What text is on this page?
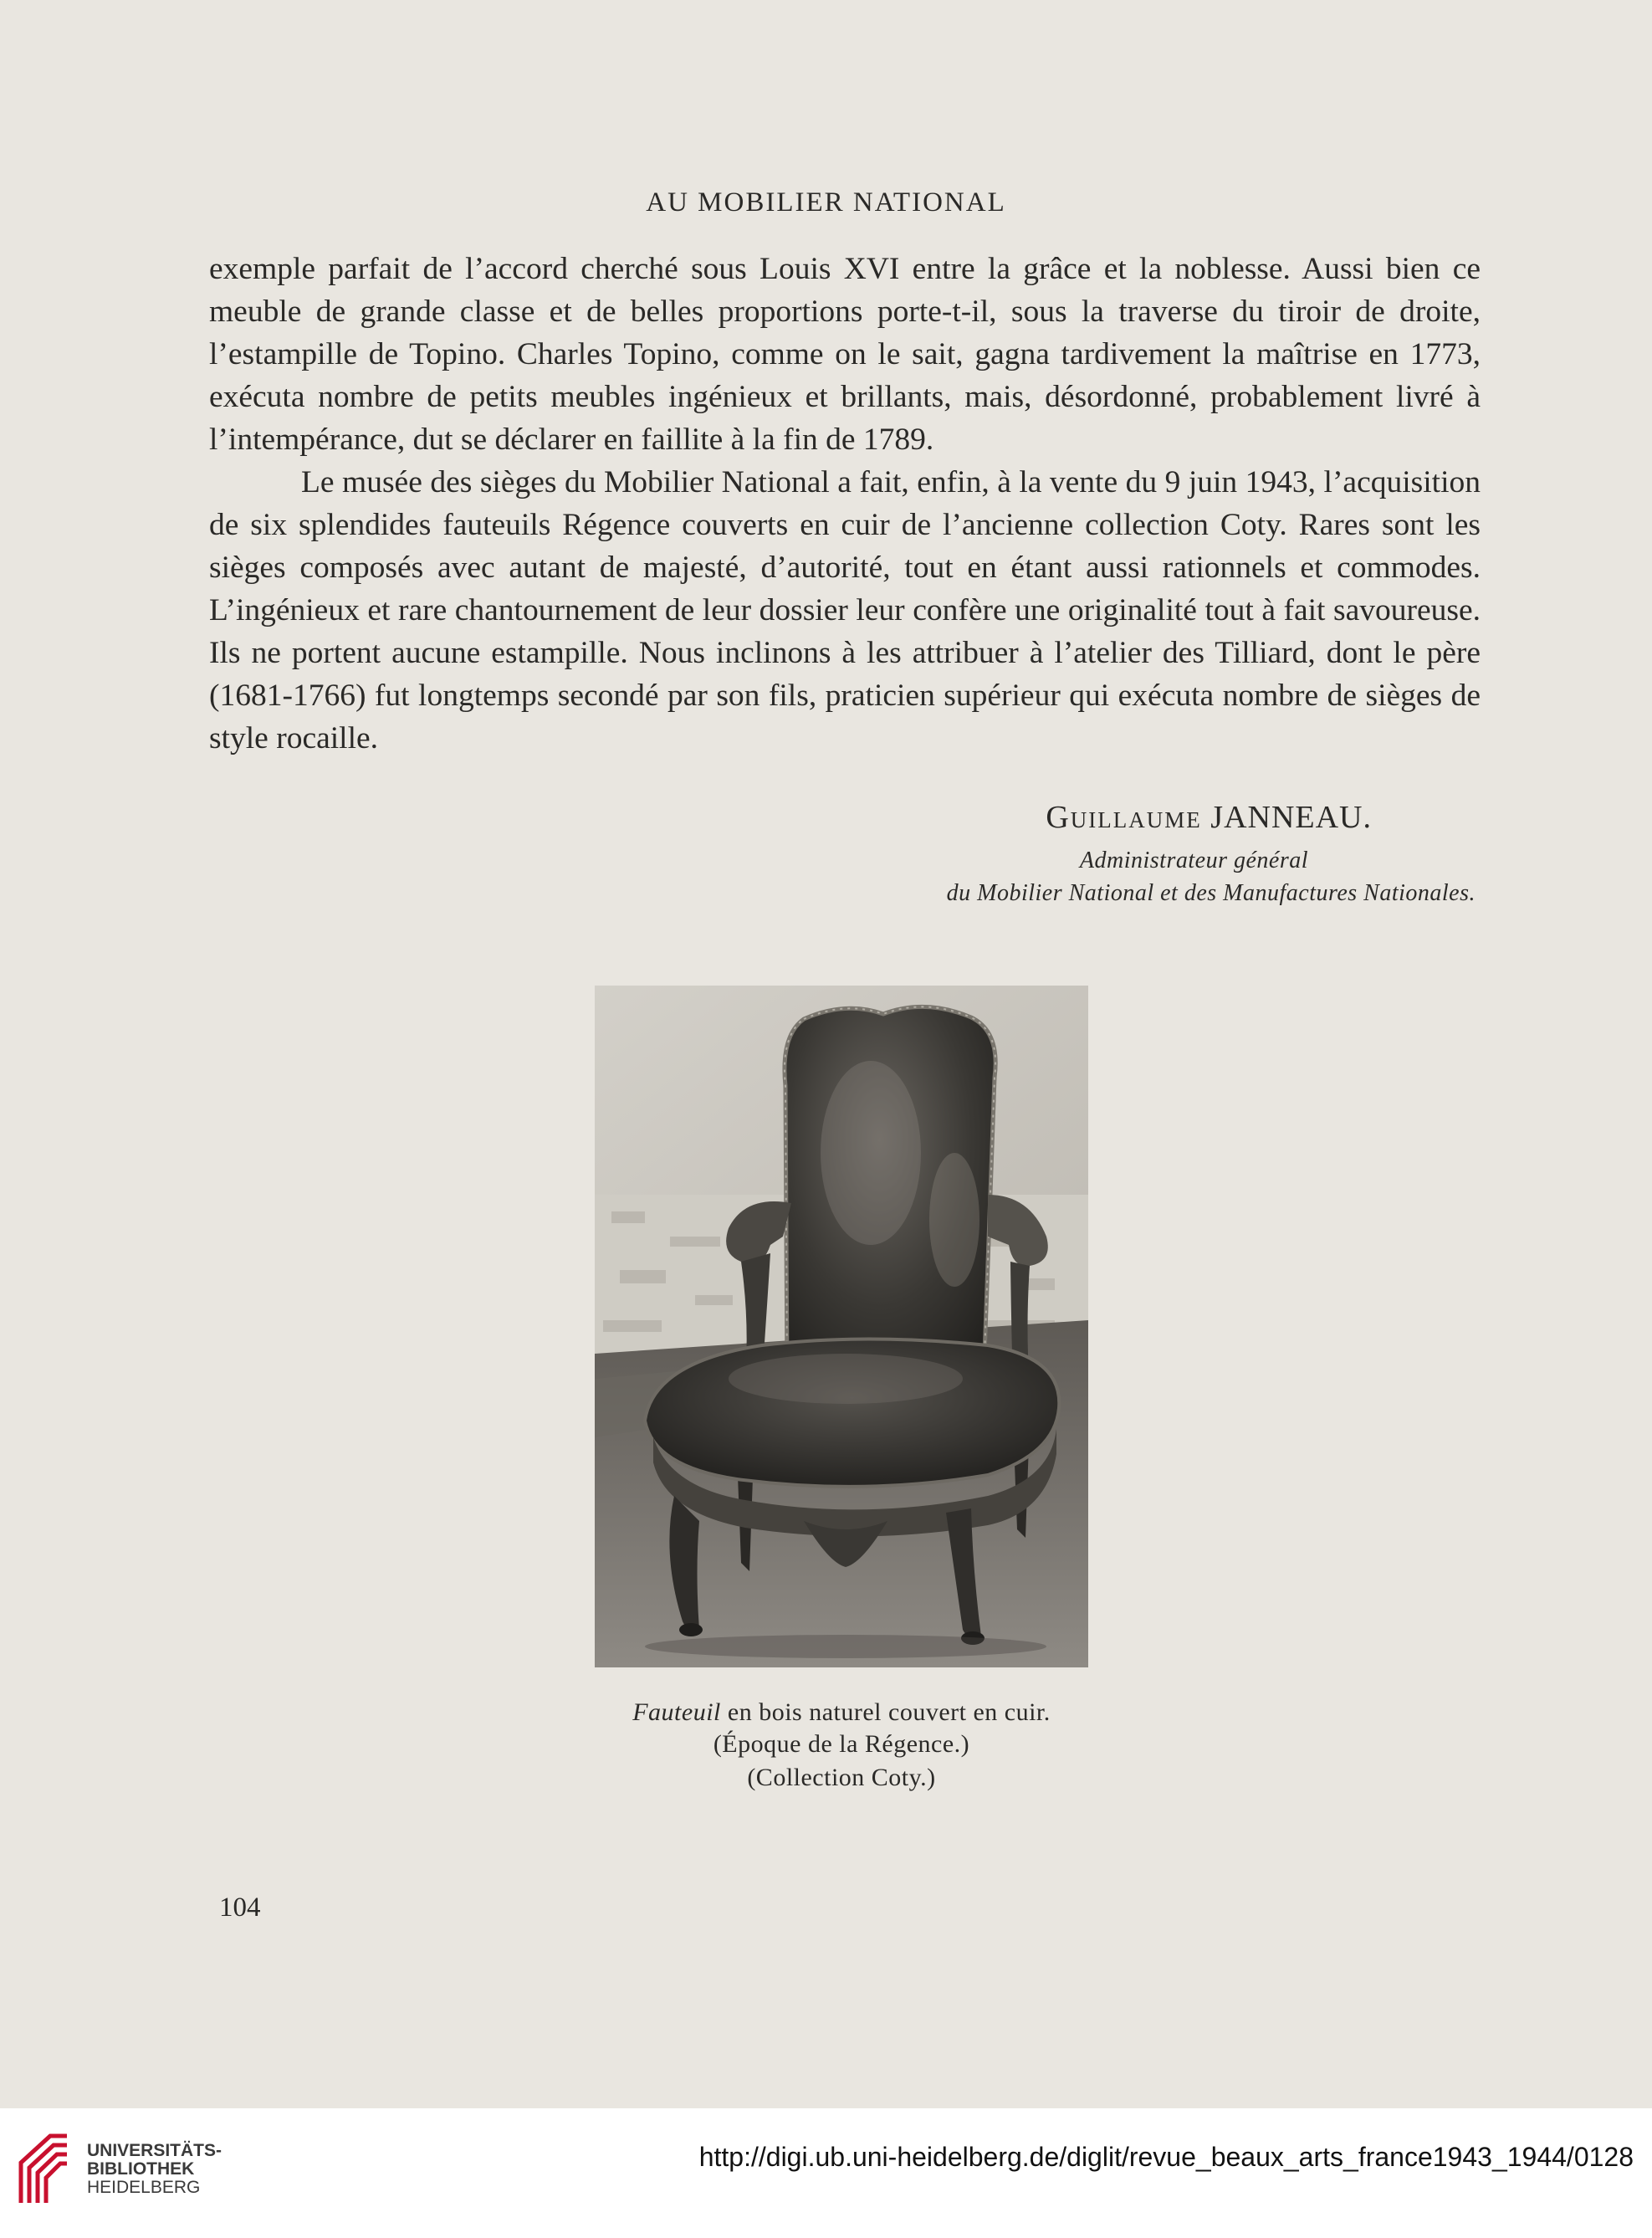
AU MOBILIER NATIONAL

exemple parfait de l’accord cherché sous Louis XVI entre la grâce et la noblesse. Aussi bien ce meuble de grande classe et de belles proportions porte-t-il, sous la traverse du tiroir de droite, l’estampille de Topino. Charles Topino, comme on le sait, gagna tardivement la maîtrise en 1773, exécuta nombre de petits meubles ingénieux et brillants, mais, désordonné, probablement livré à l’intempérance, dut se déclarer en faillite à la fin de 1789.

Le musée des sièges du Mobilier National a fait, enfin, à la vente du 9 juin 1943, l’acquisition de six splendides fauteuils Régence couverts en cuir de l’ancienne collection Coty. Rares sont les sièges composés avec autant de majesté, d’autorité, tout en étant aussi rationnels et commodes. L’ingénieux et rare chantournement de leur dossier leur confère une originalité tout à fait savoureuse. Ils ne portent aucune estampille. Nous inclinons à les attribuer à l’atelier des Tilliard, dont le père (1681-1766) fut longtemps secondé par son fils, praticien supérieur qui exécuta nombre de sièges de style rocaille.

Guillaume JANNEAU.
Administrateur général
du Mobilier National et des Manufactures Nationales.
Fauteuil en bois naturel couvert en cuir.
(Époque de la Régence.)
(Collection Coty.)
104
UNIVERSITÄTS-
BIBLIOTHEK
HEIDELBERG
http://digi.ub.uni-heidelberg.de/diglit/revue_beaux_arts_france1943_1944/0128
